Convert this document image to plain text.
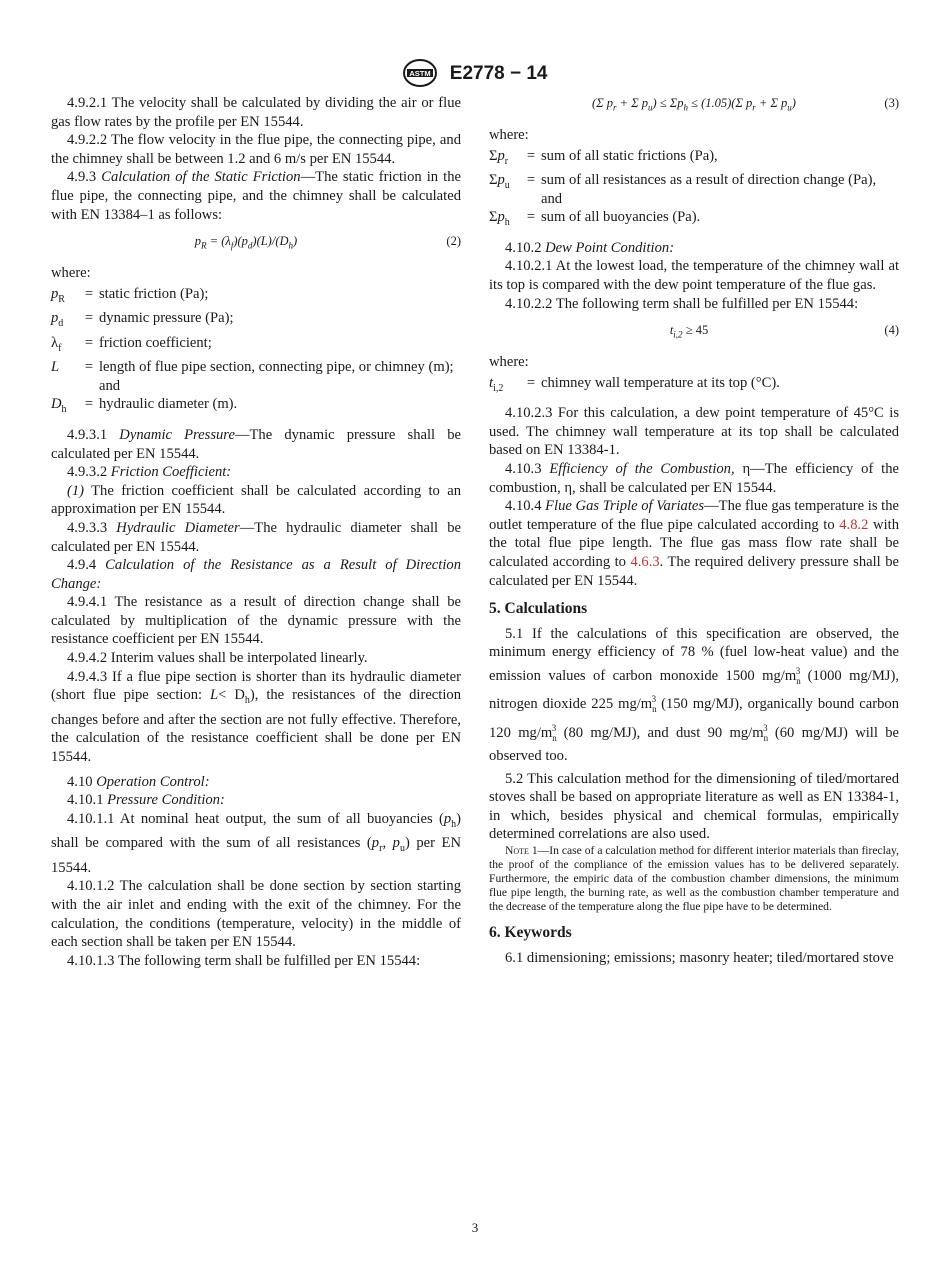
ASTM E2778 − 14

4.9.2.1 The velocity shall be calculated by dividing the air or flue gas flow rates by the profile per EN 15544.

4.9.2.2 The flow velocity in the flue pipe, the connecting pipe, and the chimney shall be between 1.2 and 6 m/s per EN 15544.

4.9.3 Calculation of the Static Friction—The static friction in the flue pipe, the connecting pipe, and the chimney shall be calculated with EN 13384–1 as follows:

$p_R = (\lambda_f)(p_d)(L)/(D_h)$	(2)

where:

$p_R$	= static friction (Pa);
$p_d$	= dynamic pressure (Pa);
$\lambda_f$	= friction coefficient;
L	= length of flue pipe section, connecting pipe, or chimney (m); and
$D_h$	= hydraulic diameter (m).

4.9.3.1 Dynamic Pressure—The dynamic pressure shall be calculated per EN 15544.

4.9.3.2 Friction Coefficient:

(1) The friction coefficient shall be calculated according to an approximation per EN 15544.

4.9.3.3 Hydraulic Diameter—The hydraulic diameter shall be calculated per EN 15544.

4.9.4 Calculation of the Resistance as a Result of Direction Change:

4.9.4.1 The resistance as a result of direction change shall be calculated by multiplication of the dynamic pressure with the resistance coefficient per EN 15544.

4.9.4.2 Interim values shall be interpolated linearly.

4.9.4.3 If a flue pipe section is shorter than its hydraulic diameter (short flue pipe section: $L< D_h$), the resistances of the direction changes before and after the section are not fully effective. Therefore, the calculation of the resistance coefficient shall be done per EN 15544.

4.10 Operation Control:

4.10.1 Pressure Condition:

4.10.1.1 At nominal heat output, the sum of all buoyancies $(p_h)$ shall be compared with the sum of all resistances ($p_r$, $p_u$) per EN 15544.

4.10.1.2 The calculation shall be done section by section starting with the air inlet and ending with the exit of the chimney. For the calculation, the conditions (temperature, velocity) in the middle of each section shall be taken per EN 15544.

4.10.1.3 The following term shall be fulfilled per EN 15544:

(Σ $p_r + \Sigma$ $p_u) \le \Sigma p_h \le (1.05)(\Sigma$ $p_r + \Sigma$ $p_u$)	(3)

where:

$\Sigma p_r$	= sum of all static frictions (Pa),
$\Sigma p_u$	= sum of all resistances as a result of direction change (Pa), and
$\Sigma p_h$	= sum of all buoyancies (Pa).

4.10.2 Dew Point Condition:

4.10.2.1 At the lowest load, the temperature of the chimney wall at its top is compared with the dew point temperature of the flue gas.

4.10.2.2 The following term shall be fulfilled per EN 15544:

$t_{i,2} \ge 45$	(4)

where:

$t_{i,2}$	= chimney wall temperature at its top (°C).

4.10.2.3 For this calculation, a dew point temperature of 45°C is used. The chimney wall temperature at its top shall be calculated based on EN 13384-1.

4.10.3 Efficiency of the Combustion, η—The efficiency of the combustion, η, shall be calculated per EN 15544.

4.10.4 Flue Gas Triple of Variates—The flue gas temperature is the outlet temperature of the flue pipe calculated according to 4.8.2 with the total flue pipe length. The flue gas mass flow rate shall be calculated according to 4.6.3. The required delivery pressure shall be calculated per EN 15544.

5. Calculations

5.1 If the calculations of this specification are observed, the minimum energy efficiency of 78 % (fuel low-heat value) and the emission values of carbon monoxide 1500 $mg/m_n^3$ (1000 mg/MJ), nitrogen dioxide 225 $mg/m_n^3$ (150 mg/MJ), organically bound carbon 120 $mg/m_n^3$ (80 mg/MJ), and dust 90 $mg/m_n^3$ (60 mg/MJ) will be observed too.

5.2 This calculation method for the dimensioning of tiled/mortared stoves shall be based on appropriate literature as well as EN 13384-1, in which, besides physical and chemical formulas, empirically determined correlations are also used.

Note 1—In case of a calculation method for different interior materials than fireclay, the proof of the compliance of the emission values has to be delivered separately. Furthermore, the empiric data of the combustion chamber dimensions, the minimum flue pipe length, the burning rate, as well as the combustion chamber temperature and the decrease of the temperature along the flue pipe have to be determined.

6. Keywords

6.1 dimensioning; emissions; masonry heater; tiled/mortared stove

3
